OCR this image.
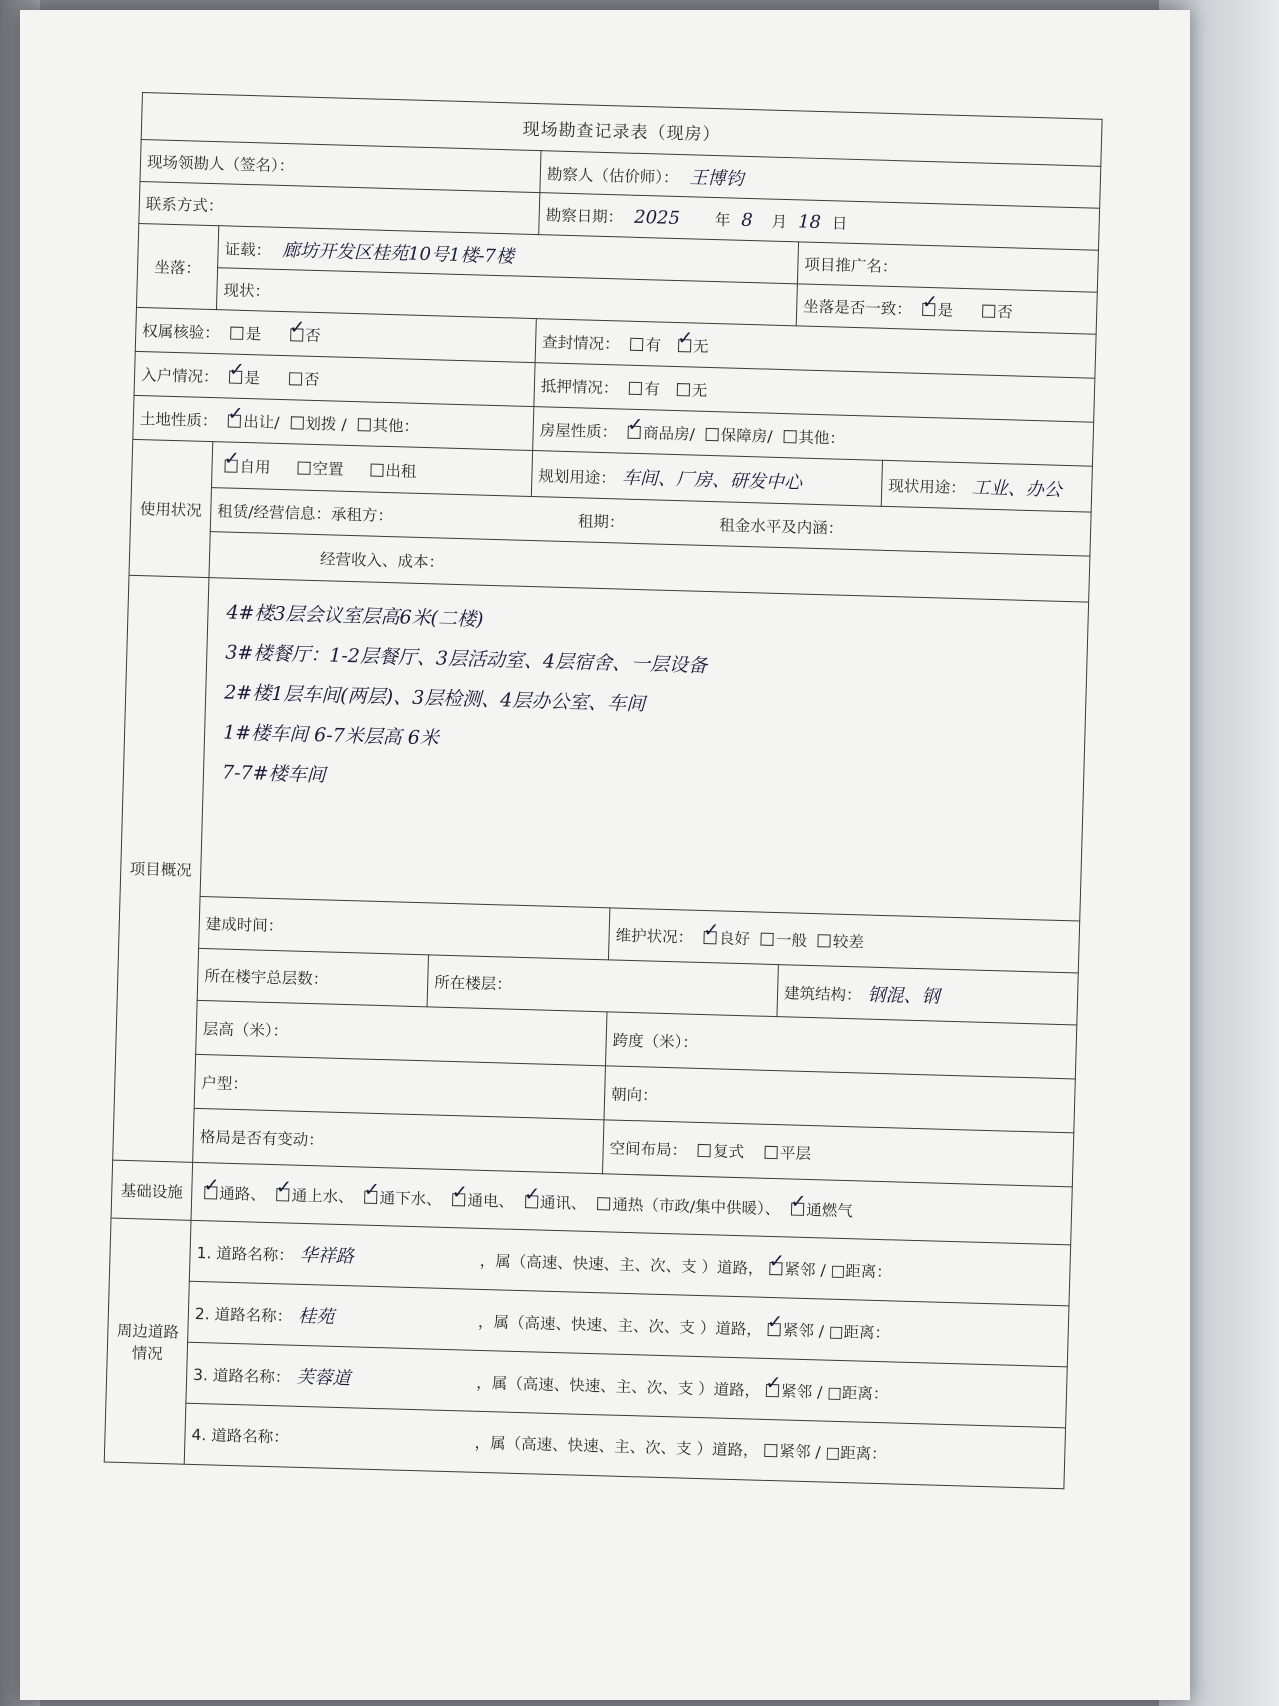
现场勘查记录表（现房）						
现场领勘人（签名）：			勘察人（估价师）： 王博钧			
联系方式：			勘察日期： 2025 年 8 月 18 日			
坐落：	证载： 廊坊开发区桂苑10号1楼-7楼				项目推广名：	
	现状：				坐落是否一致： ✓ 是 否
权属核验： 是 ✓ 否			查封情况： 有 ✓ 无
入户情况： ✓ 是 否			抵押情况： 有 无			
土地性质： ✓ 出让/ 划拨 / 其他：			房屋性质： ✓ 商品房/ 保障房/ 其他：
使用状况	✓自用 空置 出租		规划用途： 车间、厂房、研发中心			现状用途： 工业、办公
	租赁/经营信息：承租方： 租期： 租金水平及内涵：					
	经营收入、成本：					
项目概况	4#楼3层会议室层高6米(二楼)
3#楼餐厅：1-2层餐厅、3层活动室、4层宿舍、一层设备
2#楼1层车间(两层)、3层检测、4层办公室、车间
1#楼车间 6-7米层高 6米
7-7#楼车间					

	建成时间：			维护状况： ✓ 良好 一般 较差
	所在楼宇总层数：	所在楼层：			建筑结构： 钢混、钢	
	层高（米）：			跨度（米）：		
	户型：			朝向：		
	格局是否有变动：			空间布局： 复式 平层		
基础设施	✓通路、 ✓ 通上水、 ✓ 通下水、 ✓ 通电、 ✓ 通讯、 通热（市政/集中供暖）、 ✓ 通燃气
周边道路情况	1. 道路名称： 华祥路 ，属（高速、快速、主、次、支 ）道路， ✓ 紧邻 / □距离：
	2. 道路名称： 桂苑 ，属（高速、快速、主、次、支 ）道路， ✓ 紧邻 / □距离：
	3. 道路名称： 芙蓉道 ，属（高速、快速、主、次、支 ）道路， ✓ 紧邻 / □距离：
	4. 道路名称： ，属（高速、快速、主、次、支 ）道路， 紧邻 / □距离：					
